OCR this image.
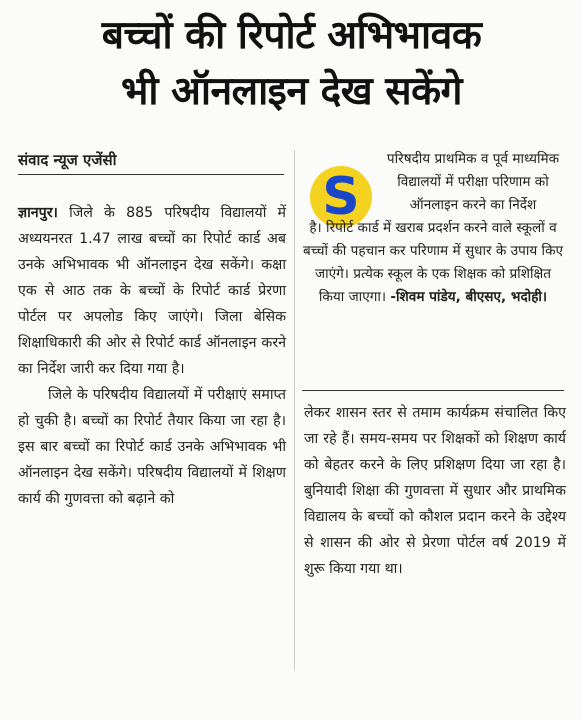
बच्चों की रिपोर्ट अभिभावक
भी ऑनलाइन देख सकेंगे
संवाद न्यूज एजेंसी

ज्ञानपुर। जिले के 885 परिषदीय विद्यालयों में अध्ययनरत 1.47 लाख बच्चों का रिपोर्ट कार्ड अब उनके अभिभावक भी ऑनलाइन देख सकेंगे। कक्षा एक से आठ तक के बच्चों के रिपोर्ट कार्ड प्रेरणा पोर्टल पर अपलोड किए जाएंगे। जिला बेसिक शिक्षाधिकारी की ओर से रिपोर्ट कार्ड ऑनलाइन करने का निर्देश जारी कर दिया गया है।

जिले के परिषदीय विद्यालयों में परीक्षाएं समाप्त हो चुकी है। बच्चों का रिपोर्ट तैयार किया जा रहा है। इस बार बच्चों का रिपोर्ट कार्ड उनके अभिभावक भी ऑनलाइन देख सकेंगे। परिषदीय विद्यालयों में शिक्षण कार्य की गुणवत्ता को बढ़ाने को

S
परिषदीय प्राथमिक व पूर्व माध्यमिक विद्यालयों में परीक्षा परिणाम को ऑनलाइन करने का निर्देश
है। रिपोर्ट कार्ड में खराब प्रदर्शन करने वाले स्कूलों व बच्चों की पहचान कर परिणाम में सुधार के उपाय किए जाएंगे। प्रत्येक स्कूल के एक शिक्षक को प्रशिक्षित किया जाएगा। -शिवम पांडेय, बीएसए, भदोही।

लेकर शासन स्तर से तमाम कार्यक्रम संचालित किए जा रहे हैं। समय-समय पर शिक्षकों को शिक्षण कार्य को बेहतर करने के लिए प्रशिक्षण दिया जा रहा है। बुनियादी शिक्षा की गुणवत्ता में सुधार और प्राथमिक विद्यालय के बच्चों को कौशल प्रदान करने के उद्देश्य से शासन की ओर से प्रेरणा पोर्टल वर्ष 2019 में शुरू किया गया था।
